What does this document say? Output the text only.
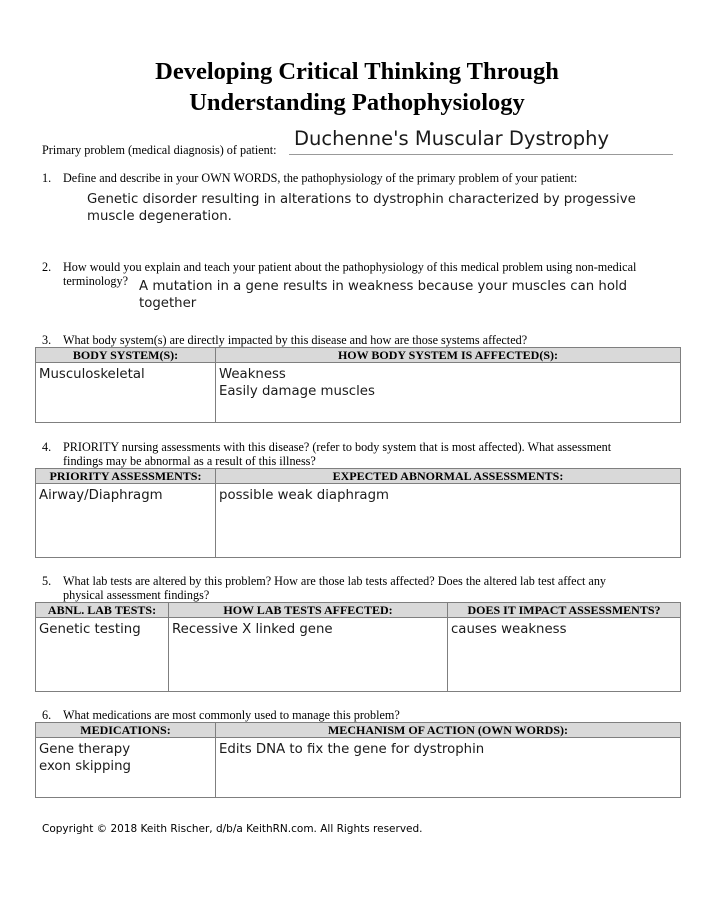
Developing Critical Thinking Through
Understanding Pathophysiology
Primary problem (medical diagnosis) of patient: Duchenne's Muscular Dystrophy
1. Define and describe in your OWN WORDS, the pathophysiology of the primary problem of your patient:
Genetic disorder resulting in alterations to dystrophin characterized by progessive
muscle degeneration.
2. How would you explain and teach your patient about the pathophysiology of this medical problem using non-medical
terminology? A mutation in a gene results in weakness because your muscles can hold
together
3. What body system(s) are directly impacted by this disease and how are those systems affected?
BODY SYSTEM(S):	HOW BODY SYSTEM IS AFFECTED(S):

Musculoskeletal	Weakness
Easily damage muscles
4. PRIORITY nursing assessments with this disease? (refer to body system that is most affected). What assessment
findings may be abnormal as a result of this illness?
PRIORITY ASSESSMENTS:	EXPECTED ABNORMAL ASSESSMENTS:

Airway/Diaphragm	possible weak diaphragm
5. What lab tests are altered by this problem? How are those lab tests affected? Does the altered lab test affect any
physical assessment findings?
ABNL. LAB TESTS:	HOW LAB TESTS AFFECTED:	DOES IT IMPACT ASSESSMENTS?

Genetic testing	Recessive X linked gene	causes weakness
6. What medications are most commonly used to manage this problem?
MEDICATIONS:	MECHANISM OF ACTION (OWN WORDS):

Gene therapy
exon skipping	Edits DNA to fix the gene for dystrophin
Copyright © 2018 Keith Rischer, d/b/a KeithRN.com. All Rights reserved.
